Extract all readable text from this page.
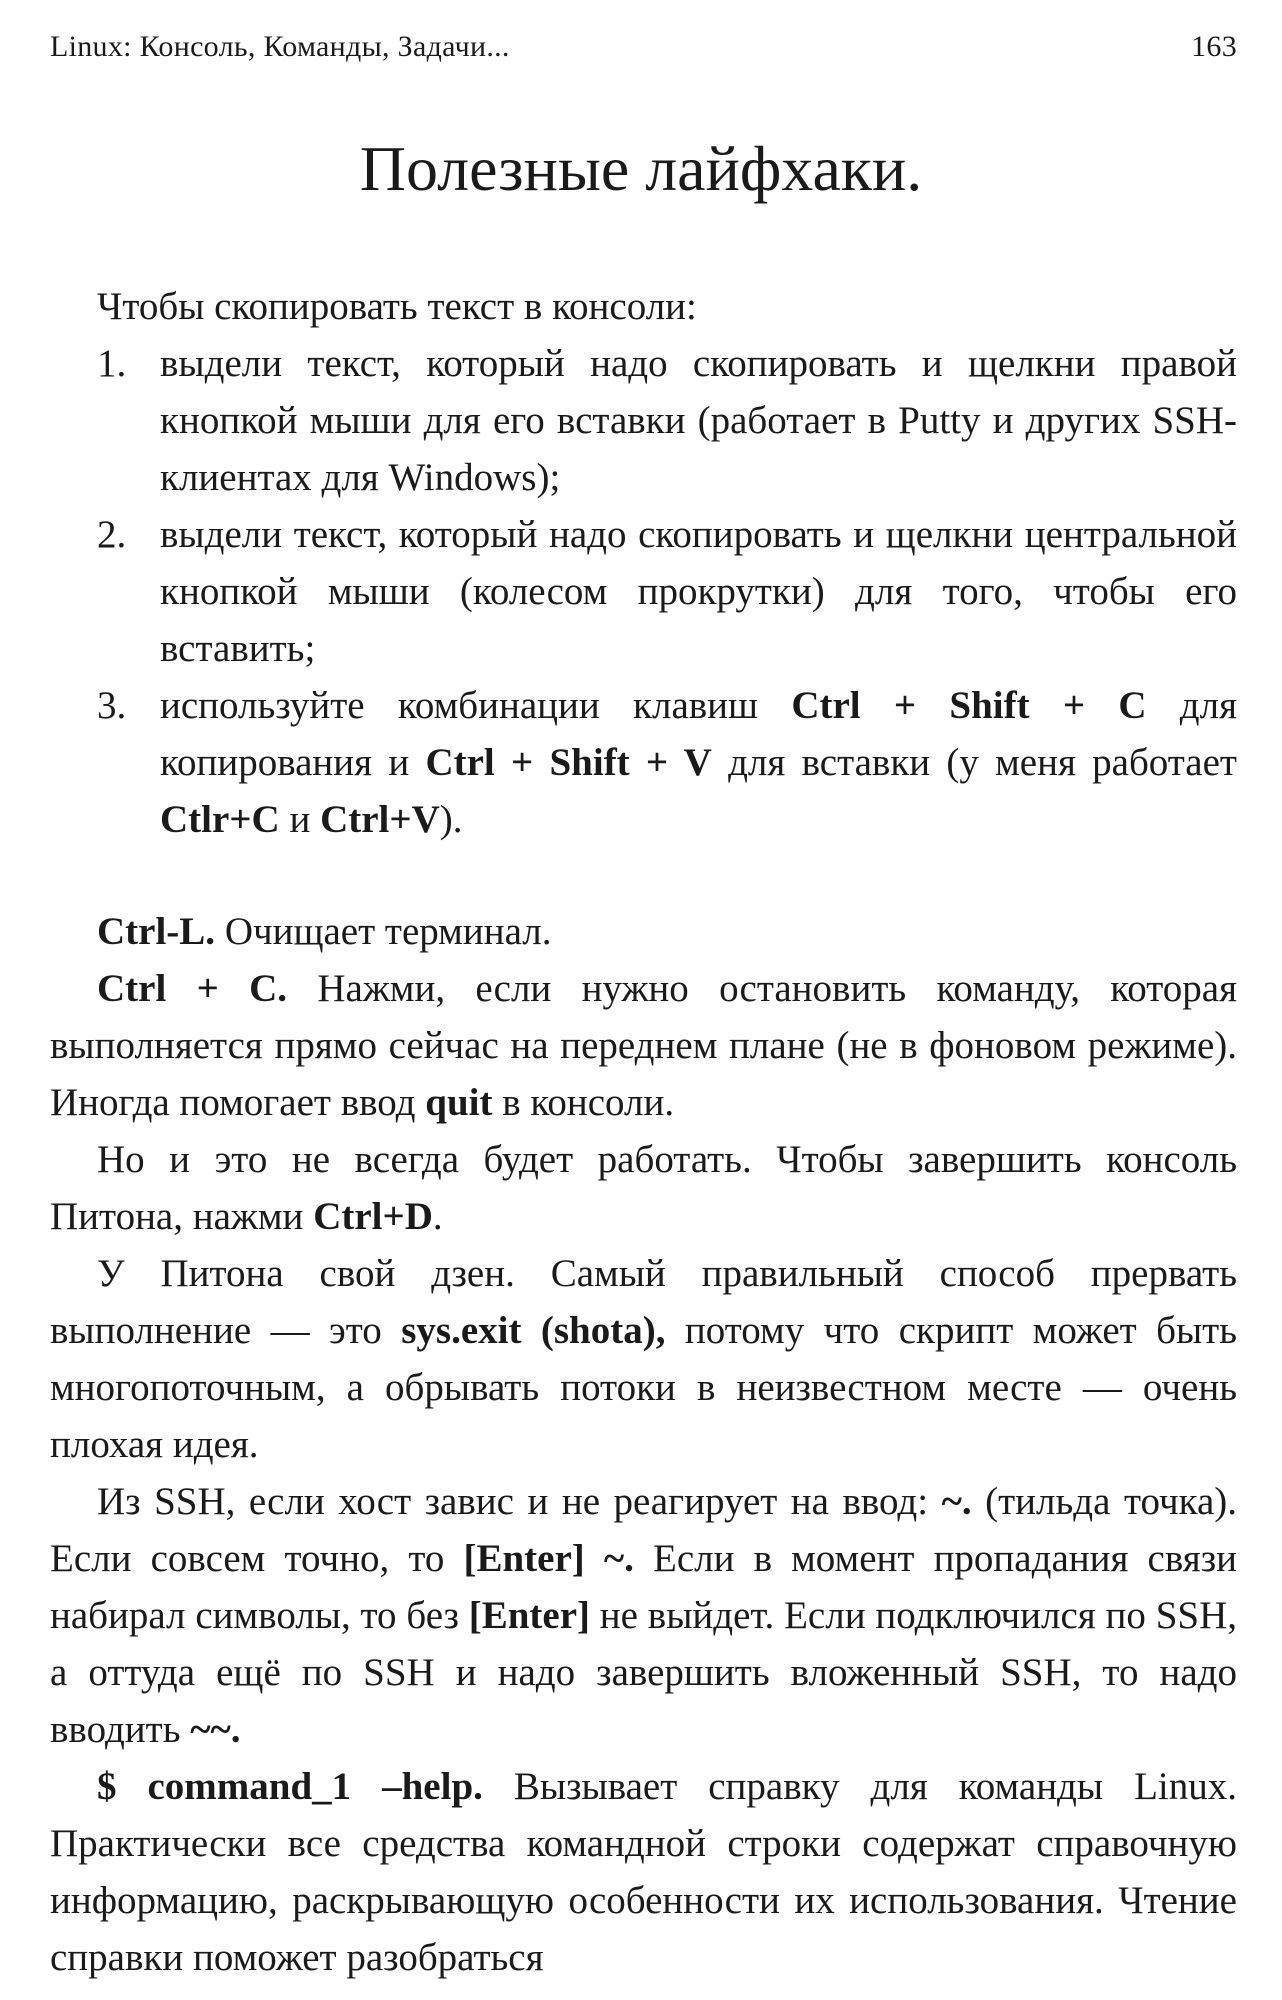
Linux: Консоль, Команды, Задачи...	163
Полезные лайфхаки.

Чтобы скопировать текст в консоли:

1. выдели текст, который надо скопировать и щелкни правой кнопкой мыши для его вставки (работает в Putty и других SSH-клиентах для Windows);
2. выдели текст, который надо скопировать и щелкни центральной кнопкой мыши (колесом прокрутки) для того, чтобы его вставить;
3. используйте комбинации клавиш Ctrl + Shift + C для копирования и Ctrl + Shift + V для вставки (у меня работает Ctlr+C и Ctrl+V).

Ctrl-L. Очищает терминал.

Ctrl + C. Нажми, если нужно остановить команду, которая выполняется прямо сейчас на переднем плане (не в фоновом режиме). Иногда помогает ввод quit в консоли.

Но и это не всегда будет работать. Чтобы завершить консоль Питона, нажми Ctrl+D.

У Питона свой дзен. Самый правильный способ прервать выполнение — это sys.exit (shota), потому что скрипт может быть многопоточным, а обрывать потоки в неизвестном месте — очень плохая идея.

Из SSH, если хост завис и не реагирует на ввод: ~. (тильда точка). Если совсем точно, то [Enter] ~. Если в момент пропадания связи набирал символы, то без [Enter] не выйдет. Если подключился по SSH, а оттуда ещё по SSH и надо завершить вложенный SSH, то надо вводить ~~.

$ command_1 –help. Вызывает справку для команды Linux. Практически все средства командной строки содержат справочную информацию, раскрывающую особенности их использования. Чтение справки поможет разобраться
